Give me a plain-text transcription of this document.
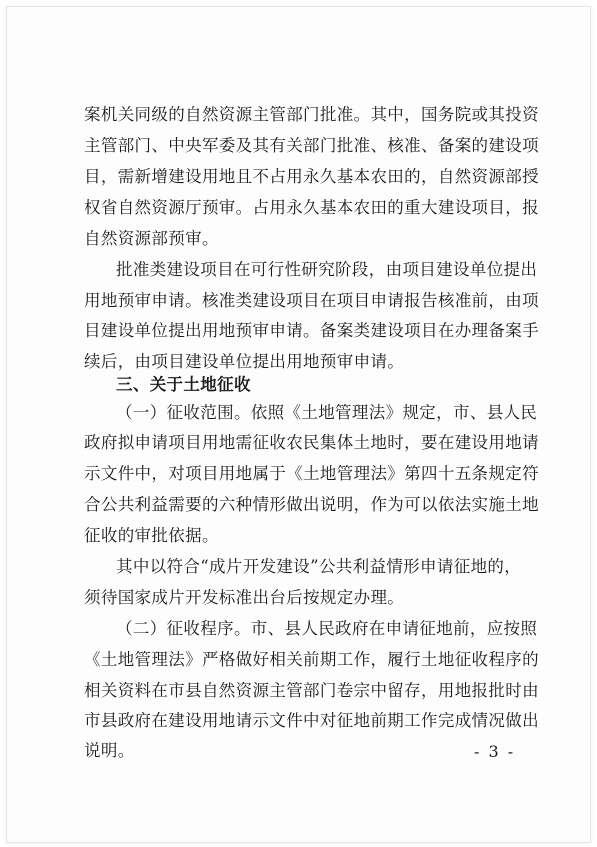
案机关同级的自然资源主管部门批准。其中，国务院或其投资
主管部门、中央军委及其有关部门批准、核准、备案的建设项
目，需新增建设用地且不占用永久基本农田的，自然资源部授
权省自然资源厅预审。占用永久基本农田的重大建设项目，报
自然资源部预审。
批准类建设项目在可行性研究阶段，由项目建设单位提出
用地预审申请。核准类建设项目在项目申请报告核准前，由项
目建设单位提出用地预审申请。备案类建设项目在办理备案手
续后，由项目建设单位提出用地预审申请。
三、关于土地征收
（一）征收范围。依照《土地管理法》规定，市、县人民
政府拟申请项目用地需征收农民集体土地时，要在建设用地请
示文件中，对项目用地属于《土地管理法》第四十五条规定符
合公共利益需要的六种情形做出说明，作为可以依法实施土地
征收的审批依据。
其中以符合“成片开发建设”公共利益情形申请征地的，
须待国家成片开发标准出台后按规定办理。
（二）征收程序。市、县人民政府在申请征地前，应按照
《土地管理法》严格做好相关前期工作，履行土地征收程序的
相关资料在市县自然资源主管部门卷宗中留存，用地报批时由
市县政府在建设用地请示文件中对征地前期工作完成情况做出
说明。	- 3 -
